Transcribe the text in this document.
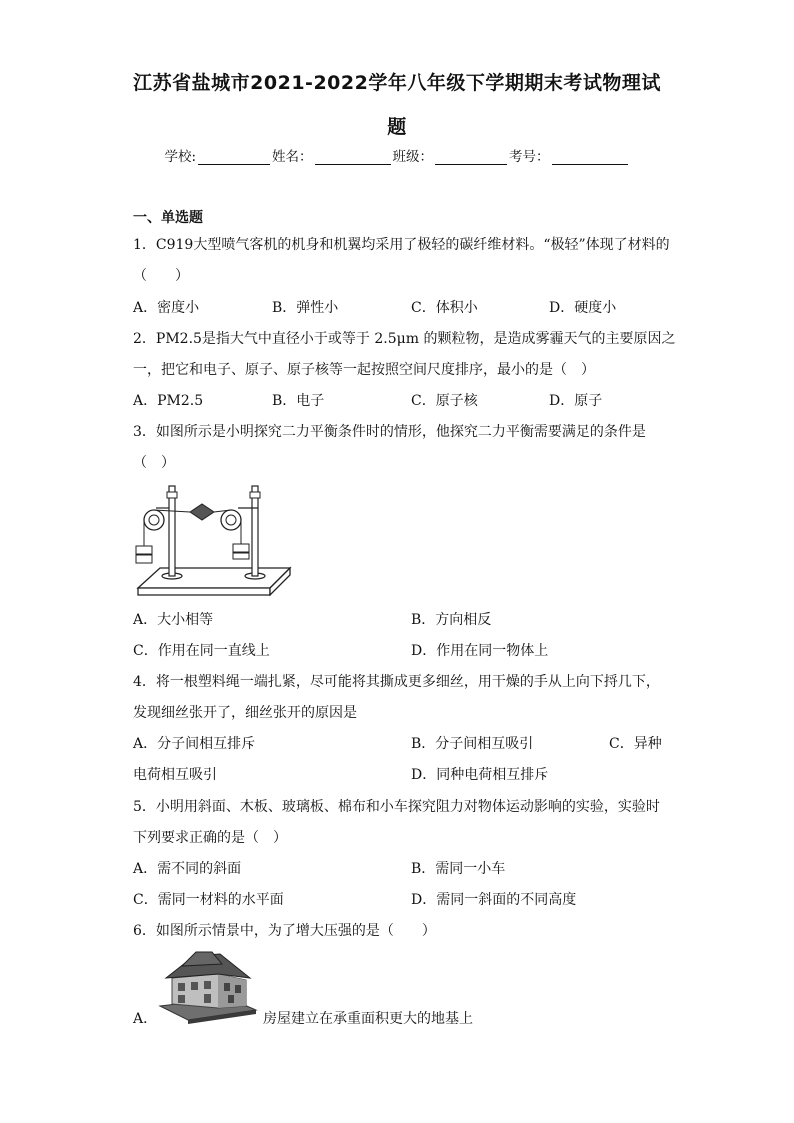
江苏省盐城市2021-2022学年八年级下学期期末考试物理试
题
学校:	姓名：	班级：	考号：
一、单选题
1．C919大型喷气客机的机身和机翼均采用了极轻的碳纤维材料。“极轻”体现了材料的
（　　）
A．密度小	B．弹性小	C．体积小	D．硬度小
2．PM2.5是指大气中直径小于或等于 2.5μm 的颗粒物，是造成雾霾天气的主要原因之
一，把它和电子、原子、原子核等一起按照空间尺度排序，最小的是（　）
A．PM2.5	B．电子	C．原子核	D．原子
3．如图所示是小明探究二力平衡条件时的情形，他探究二力平衡需要满足的条件是
（　）
A．大小相等	B．方向相反
C．作用在同一直线上	D．作用在同一物体上
4．将一根塑料绳一端扎紧，尽可能将其撕成更多细丝，用干燥的手从上向下捋几下，
发现细丝张开了，细丝张开的原因是
A．分子间相互排斥	B．分子间相互吸引	C．异种
电荷相互吸引	D．同种电荷相互排斥
5．小明用斜面、木板、玻璃板、棉布和小车探究阻力对物体运动影响的实验，实验时
下列要求正确的是（　）
A．需不同的斜面	B．需同一小车
C．需同一材料的水平面	D．需同一斜面的不同高度
6．如图所示情景中，为了增大压强的是（　　）
A．	房屋建立在承重面积更大的地基上
